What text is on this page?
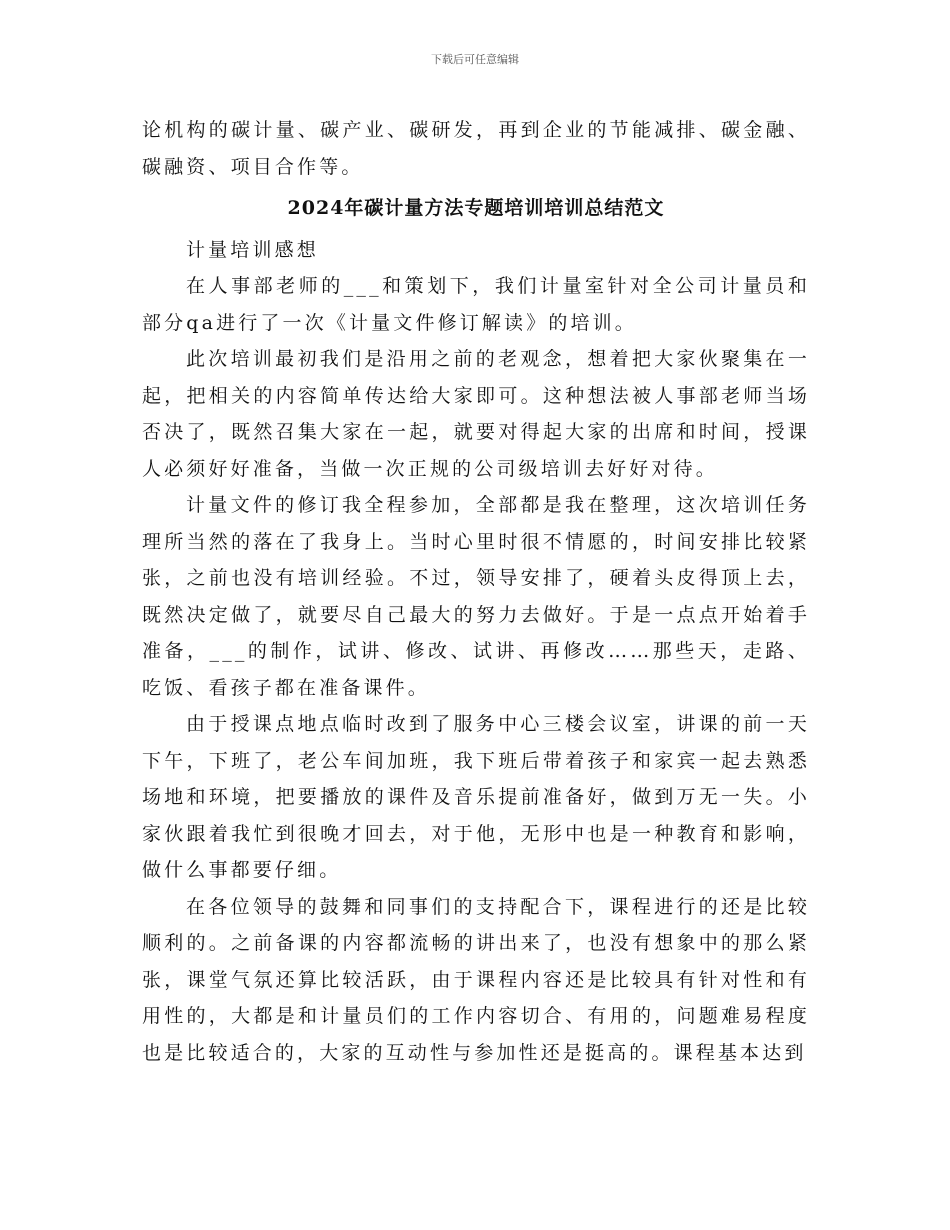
下载后可任意编辑

论机构的碳计量、碳产业、碳研发，再到企业的节能减排、碳金融、碳融资、项目合作等。

2024年碳计量方法专题培训培训总结范文

计量培训感想

在人事部老师的___和策划下，我们计量室针对全公司计量员和部分qa进行了一次《计量文件修订解读》的培训。

此次培训最初我们是沿用之前的老观念，想着把大家伙聚集在一起，把相关的内容简单传达给大家即可。这种想法被人事部老师当场否决了，既然召集大家在一起，就要对得起大家的出席和时间，授课人必须好好准备，当做一次正规的公司级培训去好好对待。

计量文件的修订我全程参加，全部都是我在整理，这次培训任务理所当然的落在了我身上。当时心里时很不情愿的，时间安排比较紧张，之前也没有培训经验。不过，领导安排了，硬着头皮得顶上去，既然决定做了，就要尽自己最大的努力去做好。于是一点点开始着手准备，___的制作，试讲、修改、试讲、再修改……那些天，走路、吃饭、看孩子都在准备课件。

由于授课点地点临时改到了服务中心三楼会议室，讲课的前一天下午，下班了，老公车间加班，我下班后带着孩子和家宾一起去熟悉场地和环境，把要播放的课件及音乐提前准备好，做到万无一失。小家伙跟着我忙到很晚才回去，对于他，无形中也是一种教育和影响，做什么事都要仔细。

在各位领导的鼓舞和同事们的支持配合下，课程进行的还是比较顺利的。之前备课的内容都流畅的讲出来了，也没有想象中的那么紧张，课堂气氛还算比较活跃，由于课程内容还是比较具有针对性和有用性的，大都是和计量员们的工作内容切合、有用的，问题难易程度也是比较适合的，大家的互动性与参加性还是挺高的。课程基本达到
